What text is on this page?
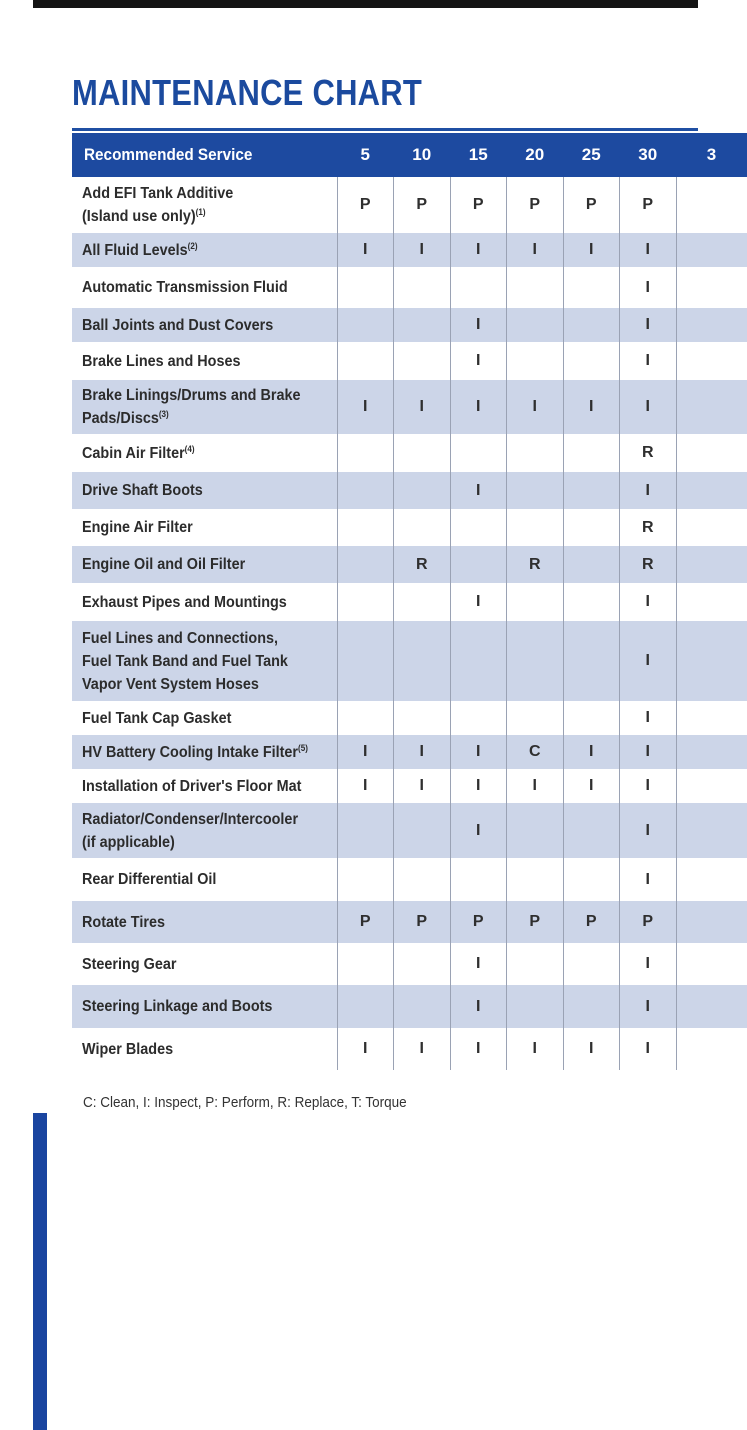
MAINTENANCE CHART
Recommended Service	5	10	15	20	25	30	3
Add EFI Tank Additive
(Island use only)$^{(1)}$	P	P	P	P	P	P	
All Fluid Levels$^{(2)}$	I	I	I	I	I	I	
Automatic Transmission Fluid						I	
Ball Joints and Dust Covers			I			I	
Brake Lines and Hoses			I			I	
Brake Linings/Drums and Brake
Pads/Discs$^{(3)}$	I	I	I	I	I	I	
Cabin Air Filter$^{(4)}$						R	
Drive Shaft Boots			I			I	
Engine Air Filter						R	
Engine Oil and Oil Filter		R		R		R	
Exhaust Pipes and Mountings			I			I	
Fuel Lines and Connections,
Fuel Tank Band and Fuel Tank
Vapor Vent System Hoses						I	
Fuel Tank Cap Gasket						I	
HV Battery Cooling Intake Filter$^{(5)}$	I	I	I	C	I	I	
Installation of Driver's Floor Mat	I	I	I	I	I	I	
Radiator/Condenser/Intercooler
(if applicable)			I			I	
Rear Differential Oil						I	
Rotate Tires	P	P	P	P	P	P	
Steering Gear			I			I	
Steering Linkage and Boots			I			I	
Wiper Blades	I	I	I	I	I	I	

C: Clean, I: Inspect, P: Perform, R: Replace, T: Torque
